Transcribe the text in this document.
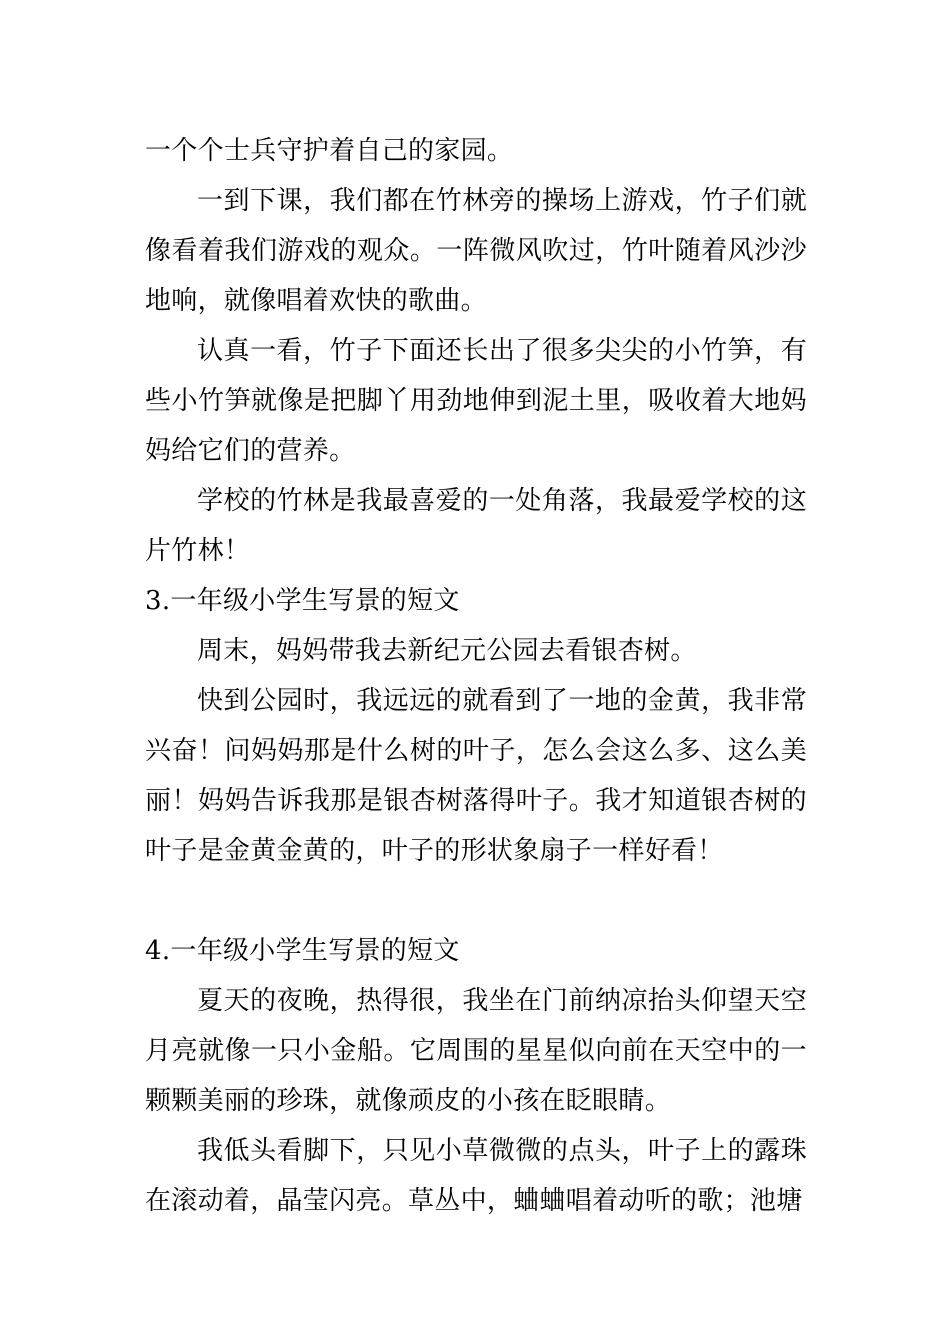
一个个士兵守护着自己的家园。

一到下课，我们都在竹林旁的操场上游戏，竹子们就像看着我们游戏的观众。一阵微风吹过，竹叶随着风沙沙地响，就像唱着欢快的歌曲。

认真一看，竹子下面还长出了很多尖尖的小竹笋，有些小竹笋就像是把脚丫用劲地伸到泥土里，吸收着大地妈妈给它们的营养。

学校的竹林是我最喜爱的一处角落，我最爱学校的这片竹林！

3.一年级小学生写景的短文

周末，妈妈带我去新纪元公园去看银杏树。

快到公园时，我远远的就看到了一地的金黄，我非常兴奋！问妈妈那是什么树的叶子，怎么会这么多、这么美丽！妈妈告诉我那是银杏树落得叶子。我才知道银杏树的叶子是金黄金黄的，叶子的形状象扇子一样好看！

4.一年级小学生写景的短文

夏天的夜晚，热得很，我坐在门前纳凉抬头仰望天空月亮就像一只小金船。它周围的星星似向前在天空中的一颗颗美丽的珍珠，就像顽皮的小孩在眨眼睛。

我低头看脚下，只见小草微微的点头，叶子上的露珠在滚动着，晶莹闪亮。草丛中，蛐蛐唱着动听的歌；池塘
